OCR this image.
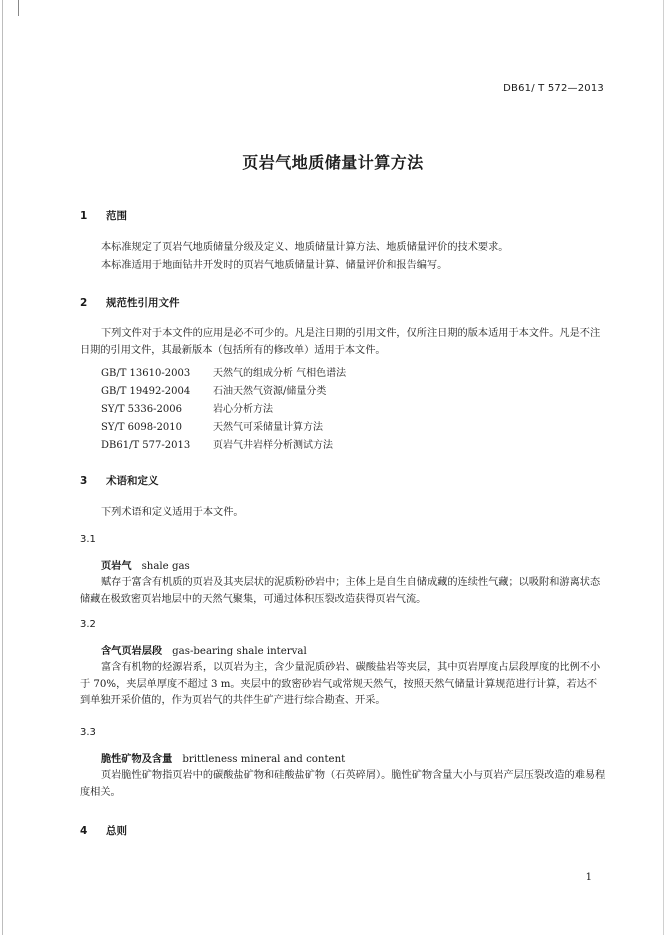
DB61/ T 572—2013
页岩气地质储量计算方法
1 范围
本标准规定了页岩气地质储量分级及定义、地质储量计算方法、地质储量评价的技术要求。
本标准适用于地面钻井开发时的页岩气地质储量计算、储量评价和报告编写。
2 规范性引用文件
下列文件对于本文件的应用是必不可少的。凡是注日期的引用文件，仅所注日期的版本适用于本文件。凡是不注日期的引用文件，其最新版本（包括所有的修改单）适用于本文件。
GB/T 13610-2003 天然气的组成分析 气相色谱法
GB/T 19492-2004 石油天然气资源/储量分类
SY/T 5336-2006	岩心分析方法
SY/T 6098-2010	天然气可采储量计算方法
DB61/T 577-2013 页岩气井岩样分析测试方法
3 术语和定义
下列术语和定义适用于本文件。
3.1
页岩气 shale gas
赋存于富含有机质的页岩及其夹层状的泥质粉砂岩中；主体上是自生自储成藏的连续性气藏；以吸附和游离状态储藏在极致密页岩地层中的天然气聚集，可通过体积压裂改造获得页岩气流。
3.2
含气页岩层段 gas-bearing shale interval
富含有机物的烃源岩系，以页岩为主，含少量泥质砂岩、碳酸盐岩等夹层，其中页岩厚度占层段厚度的比例不小于 70%，夹层单厚度不超过 3 m。夹层中的致密砂岩气或常规天然气，按照天然气储量计算规范进行计算，若达不到单独开采价值的，作为页岩气的共伴生矿产进行综合勘查、开采。
3.3
脆性矿物及含量 brittleness mineral and content
页岩脆性矿物指页岩中的碳酸盐矿物和硅酸盐矿物（石英碎屑）。脆性矿物含量大小与页岩产层压裂改造的难易程度相关。
4 总则
1
